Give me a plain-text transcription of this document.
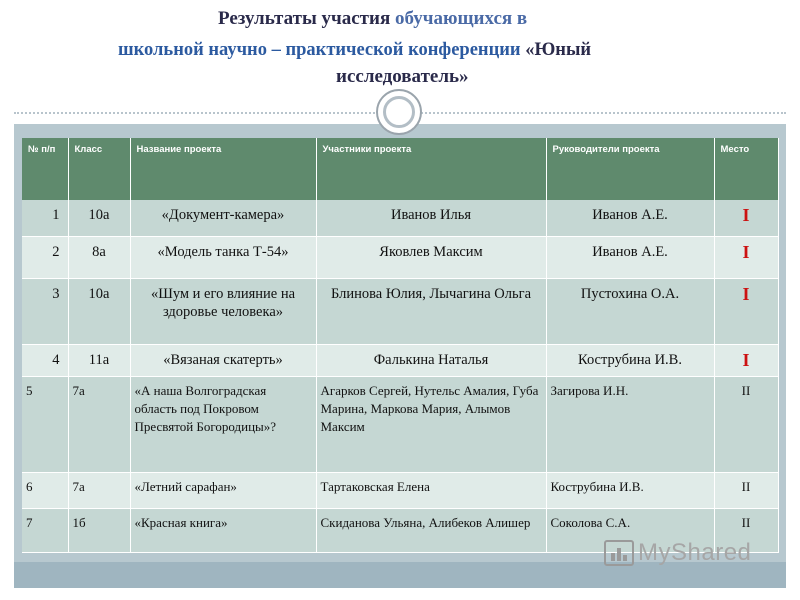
Результаты участия обучающихся в
школьной научно – практической конференции «Юный
исследователь»
№ п/п	Класс	Название проекта	Участники проекта	Руководители проекта	Место
1	10а	«Документ-камера»	Иванов Илья	Иванов А.Е.	I
2	8а	«Модель танка Т-54»	Яковлев Максим	Иванов А.Е.	I
3	10а	«Шум и его влияние на здоровье человека»	Блинова Юлия, Лычагина Ольга	Пустохина О.А.	I
4	11а	«Вязаная скатерть»	Фалькина Наталья	Кострубина И.В.	I
5	7а	«А наша Волгоградская область под Покровом Пресвятой Богородицы»?	Агарков Сергей, Нутельс Амалия, Губа Марина, Маркова Мария, Алымов Максим	Загирова И.Н.	II
6	7а	«Летний сарафан»	Тартаковская Елена	Кострубина И.В.	II
7	1б	«Красная книга»	Скиданова Ульяна, Алибеков Алишер	Соколова С.А.	II
MyShared
